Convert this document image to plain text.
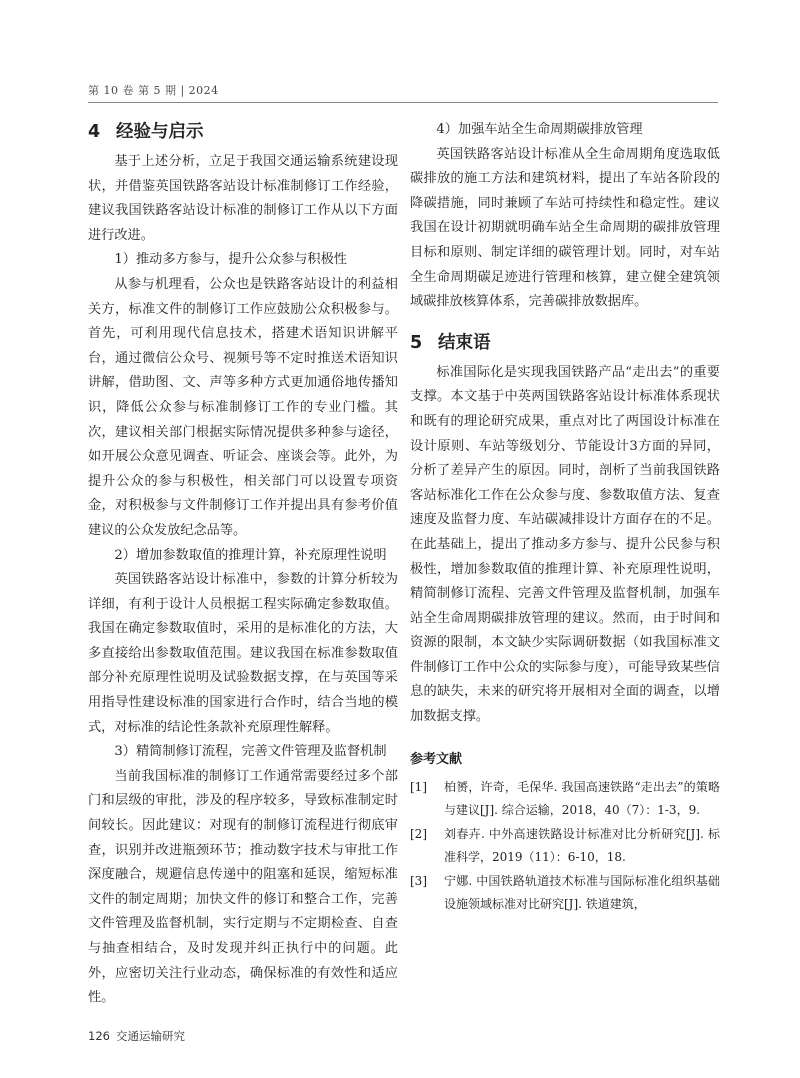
第 10 卷 第 5 期 | 2024
4 经验与启示

基于上述分析，立足于我国交通运输系统建设现状，并借鉴英国铁路客站设计标准制修订工作经验，建议我国铁路客站设计标准的制修订工作从以下方面进行改进。

1）推动多方参与，提升公众参与积极性

从参与机理看，公众也是铁路客站设计的利益相关方，标准文件的制修订工作应鼓励公众积极参与。首先，可利用现代信息技术，搭建术语知识讲解平台，通过微信公众号、视频号等不定时推送术语知识讲解，借助图、文、声等多种方式更加通俗地传播知识，降低公众参与标准制修订工作的专业门槛。其次，建议相关部门根据实际情况提供多种参与途径，如开展公众意见调查、听证会、座谈会等。此外，为提升公众的参与积极性，相关部门可以设置专项资金，对积极参与文件制修订工作并提出具有参考价值建议的公众发放纪念品等。

2）增加参数取值的推理计算，补充原理性说明

英国铁路客站设计标准中，参数的计算分析较为详细，有利于设计人员根据工程实际确定参数取值。我国在确定参数取值时，采用的是标准化的方法，大多直接给出参数取值范围。建议我国在标准参数取值部分补充原理性说明及试验数据支撑，在与英国等采用指导性建设标准的国家进行合作时，结合当地的模式，对标准的结论性条款补充原理性解释。

3）精简制修订流程，完善文件管理及监督机制

当前我国标准的制修订工作通常需要经过多个部门和层级的审批，涉及的程序较多，导致标准制定时间较长。因此建议：对现有的制修订流程进行彻底审查，识别并改进瓶颈环节；推动数字技术与审批工作深度融合，规避信息传递中的阻塞和延误，缩短标准文件的制定周期；加快文件的修订和整合工作，完善文件管理及监督机制，实行定期与不定期检查、自查与抽查相结合，及时发现并纠正执行中的问题。此外，应密切关注行业动态，确保标准的有效性和适应性。

4）加强车站全生命周期碳排放管理

英国铁路客站设计标准从全生命周期角度选取低碳排放的施工方法和建筑材料，提出了车站各阶段的降碳措施，同时兼顾了车站可持续性和稳定性。建议我国在设计初期就明确车站全生命周期的碳排放管理目标和原则、制定详细的碳管理计划。同时，对车站全生命周期碳足迹进行管理和核算，建立健全建筑领域碳排放核算体系，完善碳排放数据库。

5 结束语

标准国际化是实现我国铁路产品“走出去”的重要支撑。本文基于中英两国铁路客站设计标准体系现状和既有的理论研究成果，重点对比了两国设计标准在设计原则、车站等级划分、节能设计3方面的异同，分析了差异产生的原因。同时，剖析了当前我国铁路客站标准化工作在公众参与度、参数取值方法、复查速度及监督力度、车站碳减排设计方面存在的不足。在此基础上，提出了推动多方参与、提升公民参与积极性，增加参数取值的推理计算、补充原理性说明，精简制修订流程、完善文件管理及监督机制，加强车站全生命周期碳排放管理的建议。然而，由于时间和资源的限制，本文缺少实际调研数据（如我国标准文件制修订工作中公众的实际参与度），可能导致某些信息的缺失，未来的研究将开展相对全面的调查，以增加数据支撑。

参考文献
[1]	柏赟，许奇，毛保华. 我国高速铁路“走出去”的策略与建议[J]. 综合运输，2018，40（7）：1-3，9.
[2]	刘春卉. 中外高速铁路设计标准对比分析研究[J]. 标准科学，2019（11）：6-10，18.
[3]	宁娜. 中国铁路轨道技术标准与国际标准化组织基础设施领域标准对比研究[J]. 铁道建筑，
126 交通运输研究
